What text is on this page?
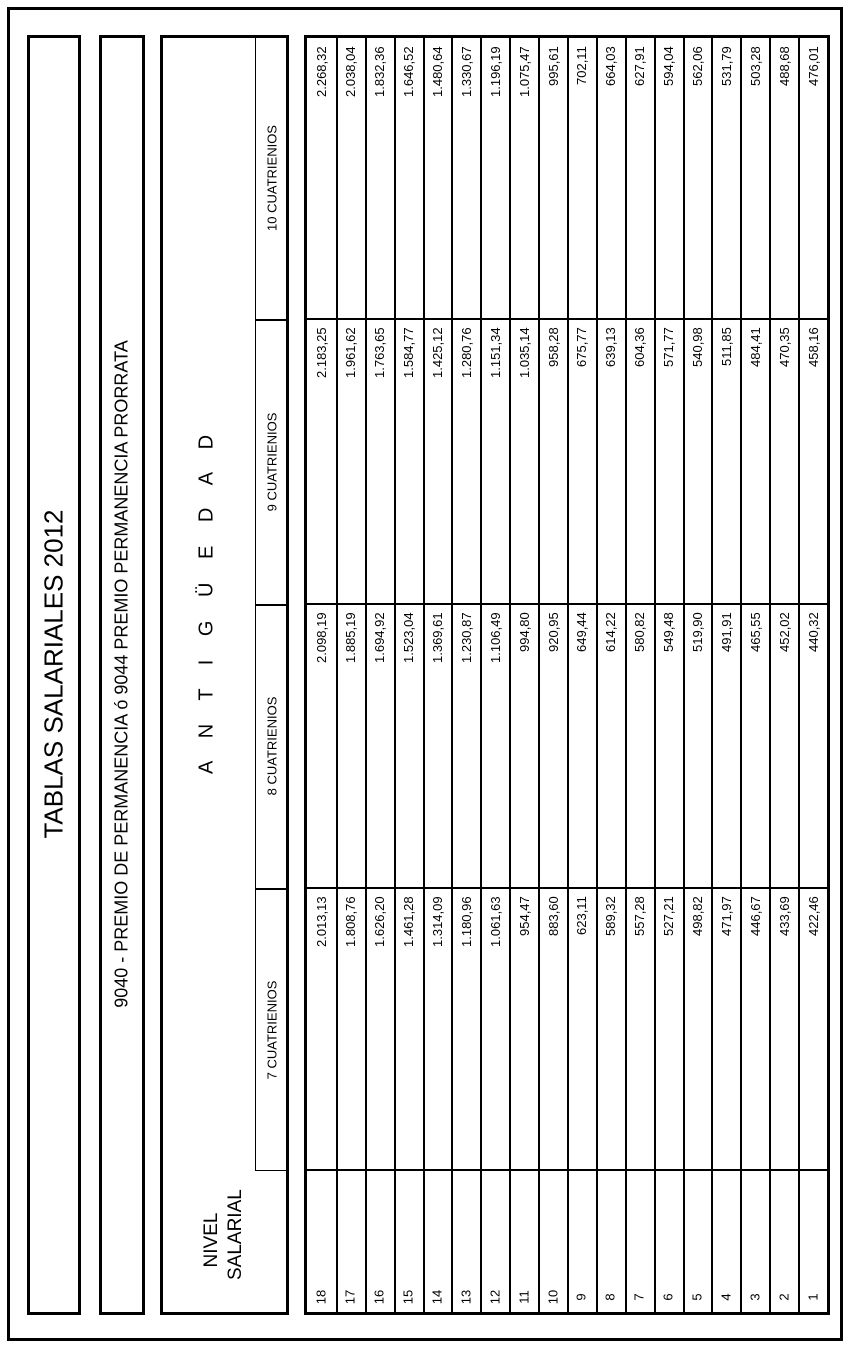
TABLAS SALARIALES 2012 9040 - PREMIO DE PERMANENCIA ó 9044 PREMIO PERMANENCIA PRORRATA	A N T I G Ü E D A D
NIVEL SALARIAL
7 CUATRIENIOS
8 CUATRIENIOS
9 CUATRIENIOS
10 CUATRIENIOS
18
2.268,32
2.183,25
2.098,19
2.013,13
17
2.038,04
1.961,62
1.885,19
1.808,76
16
1.832,36
1.763,65
1.694,92
1.626,20
15
1.646,52
1.584,77
1.523,04
1.461,28
14
1.480,64
1.425,12
1.369,61
1.314,09
13
1.330,67
1.280,76
1.230,87
1.180,96
12
1.196,19
1.151,34
1.106,49
1.061,63
11
1.075,47
1.035,14
994,80
954,47
10
995,61
958,28
920,95
883,60
9
702,11
675,77
649,44
623,11
8
664,03
639,13
614,22
589,32
7
627,91
604,36
580,82
557,28
6
594,04
571,77
549,48
527,21
5
562,06
540,98
519,90
498,82
4
531,79
511,85
491,91
471,97
3
503,28
484,41
465,55
446,67
2
488,68
470,35
452,02
433,69
1
476,01
458,16
440,32
422,46
